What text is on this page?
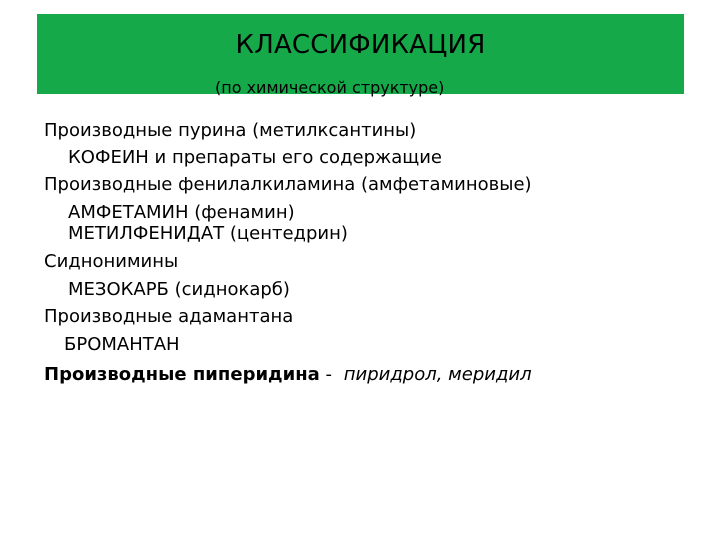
КЛАССИФИКАЦИЯ
(по химической структуре)
Производные пурина (метилксантины)
КОФЕИН и препараты его содержащие
Производные фенилалкиламина (амфетаминовые)
АМФЕТАМИН (фенамин)
МЕТИЛФЕНИДАТ (центедрин)
Сиднонимины
МЕЗОКАРБ (сиднокарб)
Производные адамантана
БРОМАНТАН
Производные пиперидина - пиридрол, меридил
